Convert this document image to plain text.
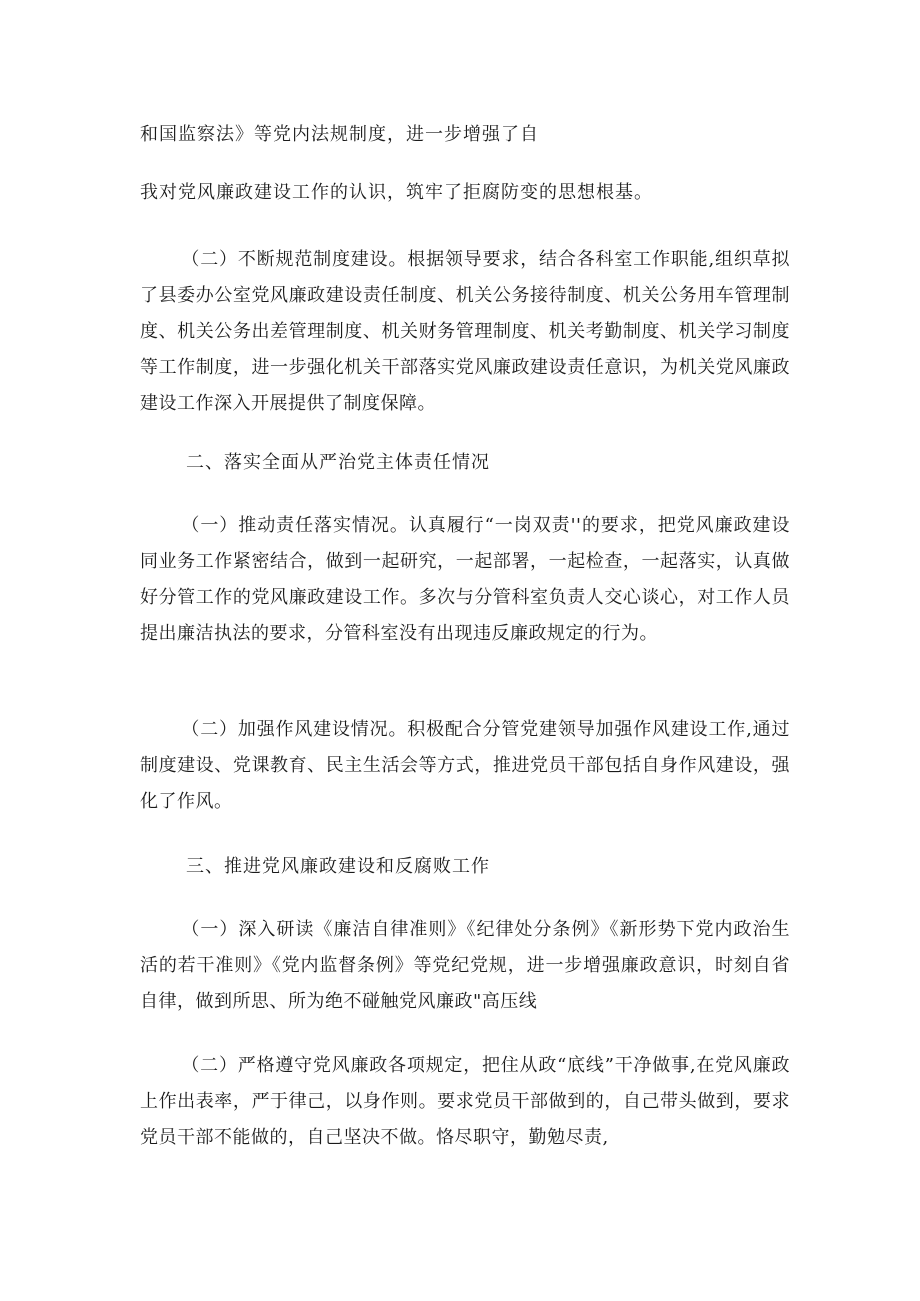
和国监察法》等党内法规制度，进一步增强了自
我对党风廉政建设工作的认识，筑牢了拒腐防变的思想根基。
（二）不断规范制度建设。根据领导要求，结合各科室工作职能,组织草拟了县委办公室党风廉政建设责任制度、机关公务接待制度、机关公务用车管理制度、机关公务出差管理制度、机关财务管理制度、机关考勤制度、机关学习制度等工作制度，进一步强化机关干部落实党风廉政建设责任意识，为机关党风廉政建设工作深入开展提供了制度保障。
二、落实全面从严治党主体责任情况
（一）推动责任落实情况。认真履行“一岗双责''的要求，把党风廉政建设同业务工作紧密结合，做到一起研究，一起部署，一起检查，一起落实，认真做好分管工作的党风廉政建设工作。多次与分管科室负责人交心谈心，对工作人员提出廉洁执法的要求，分管科室没有出现违反廉政规定的行为。
（二）加强作风建设情况。积极配合分管党建领导加强作风建设工作,通过制度建设、党课教育、民主生活会等方式，推进党员干部包括自身作风建设，强化了作风。
三、推进党风廉政建设和反腐败工作
（一）深入研读《廉洁自律准则》《纪律处分条例》《新形势下党内政治生活的若干准则》《党内监督条例》等党纪党规，进一步增强廉政意识，时刻自省自律，做到所思、所为绝不碰触党风廉政"高压线
（二）严格遵守党风廉政各项规定，把住从政“底线”干净做事,在党风廉政上作出表率，严于律己，以身作则。要求党员干部做到的，自己带头做到，要求党员干部不能做的，自己坚决不做。恪尽职守，勤勉尽责,
